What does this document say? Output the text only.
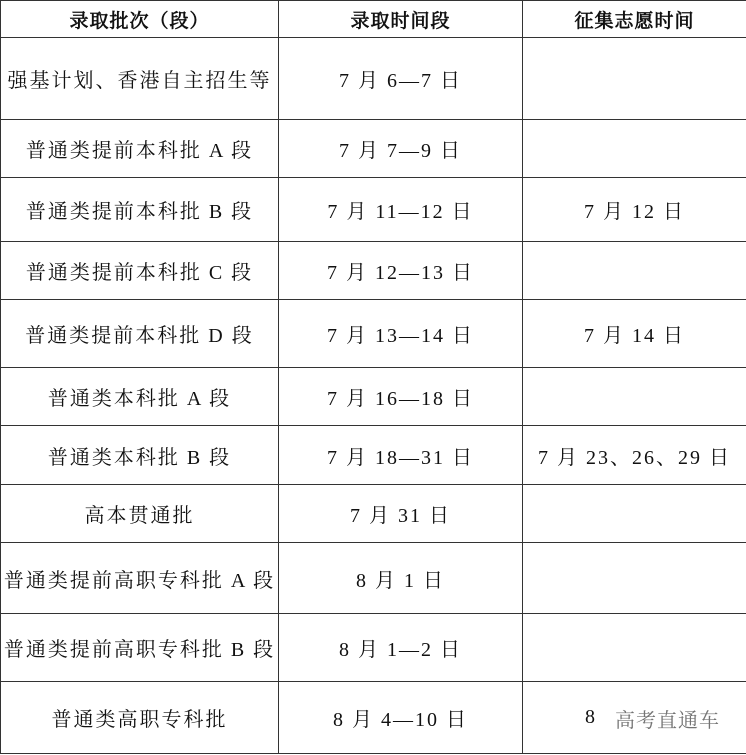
录取批次（段）	录取时间段	征集志愿时间
强基计划、香港自主招生等	7 月 6—7 日	
普通类提前本科批 A 段	7 月 7—9 日	
普通类提前本科批 B 段	7 月 11—12 日	7 月 12 日
普通类提前本科批 C 段	7 月 12—13 日	
普通类提前本科批 D 段	7 月 13—14 日	7 月 14 日
普通类本科批 A 段	7 月 16—18 日	
普通类本科批 B 段	7 月 18—31 日	7 月 23、26、29 日
高本贯通批	7 月 31 日	
普通类提前高职专科批 A 段	8 月 1 日	
普通类提前高职专科批 B 段	8 月 1—2 日	
普通类高职专科批	8 月 4—10 日	8 高考直通车
